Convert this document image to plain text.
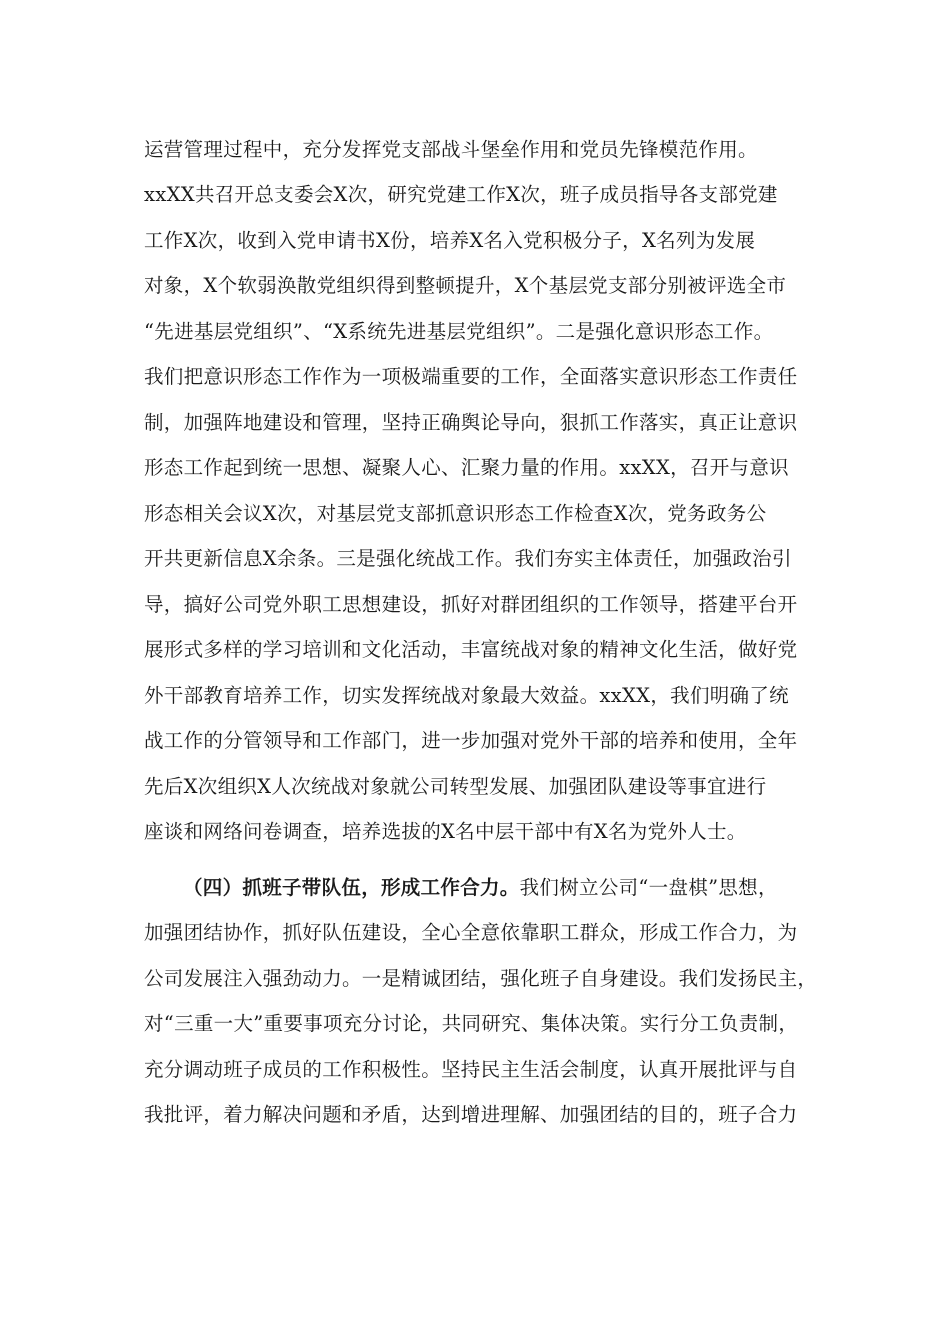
运营管理过程中，充分发挥党支部战斗堡垒作用和党员先锋模范作用。
xxXX共召开总支委会X次，研究党建工作X次，班子成员指导各支部党建
工作X次，收到入党申请书X份，培养X名入党积极分子，X名列为发展
对象，X个软弱涣散党组织得到整顿提升，X个基层党支部分别被评选全市
“先进基层党组织”、“X系统先进基层党组织”。二是强化意识形态工作。
我们把意识形态工作作为一项极端重要的工作，全面落实意识形态工作责任
制，加强阵地建设和管理，坚持正确舆论导向，狠抓工作落实，真正让意识
形态工作起到统一思想、凝聚人心、汇聚力量的作用。xxXX，召开与意识
形态相关会议X次，对基层党支部抓意识形态工作检查X次，党务政务公
开共更新信息X余条。三是强化统战工作。我们夯实主体责任，加强政治引
导，搞好公司党外职工思想建设，抓好对群团组织的工作领导，搭建平台开
展形式多样的学习培训和文化活动，丰富统战对象的精神文化生活，做好党
外干部教育培养工作，切实发挥统战对象最大效益。xxXX，我们明确了统
战工作的分管领导和工作部门，进一步加强对党外干部的培养和使用，全年
先后X次组织X人次统战对象就公司转型发展、加强团队建设等事宜进行
座谈和网络问卷调查，培养选拔的X名中层干部中有X名为党外人士。
（四）抓班子带队伍，形成工作合力。我们树立公司“一盘棋”思想，
加强团结协作，抓好队伍建设，全心全意依靠职工群众，形成工作合力，为
公司发展注入强劲动力。一是精诚团结，强化班子自身建设。我们发扬民主，
对“三重一大”重要事项充分讨论，共同研究、集体决策。实行分工负责制，
充分调动班子成员的工作积极性。坚持民主生活会制度，认真开展批评与自
我批评，着力解决问题和矛盾，达到增进理解、加强团结的目的，班子合力
